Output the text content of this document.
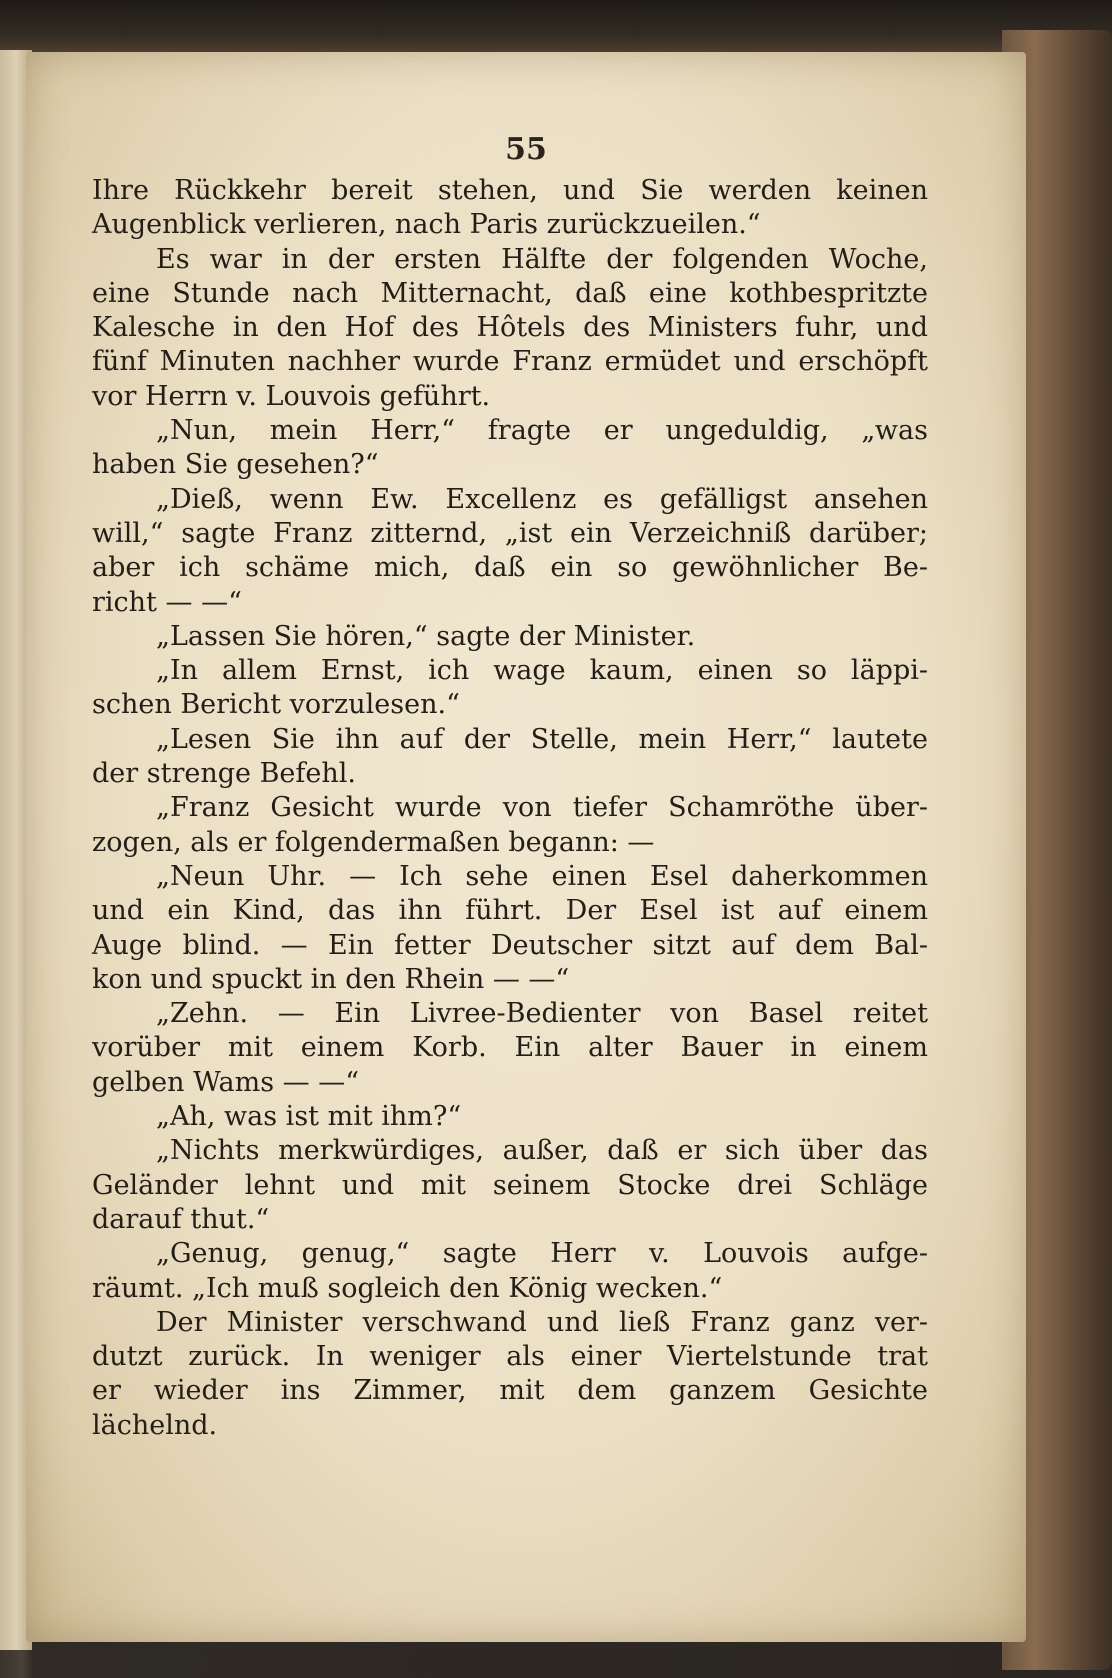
55

Ihre Rückkehr bereit stehen, und Sie werden keinen
Augenblick verlieren, nach Paris zurückzueilen.“
Es war in der ersten Hälfte der folgenden Woche,
eine Stunde nach Mitternacht, daß eine kothbespritzte
Kalesche in den Hof des Hôtels des Ministers fuhr, und
fünf Minuten nachher wurde Franz ermüdet und erschöpft
vor Herrn v. Louvois geführt.
„Nun, mein Herr,“ fragte er ungeduldig, „was
haben Sie gesehen?“
„Dieß, wenn Ew. Excellenz es gefälligst ansehen
will,“ sagte Franz zitternd, „ist ein Verzeichniß darüber;
aber ich schäme mich, daß ein so gewöhnlicher Be-
richt — —“
„Lassen Sie hören,“ sagte der Minister.
„In allem Ernst, ich wage kaum, einen so läppi-
schen Bericht vorzulesen.“
„Lesen Sie ihn auf der Stelle, mein Herr,“ lautete
der strenge Befehl.
„Franz Gesicht wurde von tiefer Schamröthe über-
zogen, als er folgendermaßen begann: —
„Neun Uhr. — Ich sehe einen Esel daherkommen
und ein Kind, das ihn führt. Der Esel ist auf einem
Auge blind. — Ein fetter Deutscher sitzt auf dem Bal-
kon und spuckt in den Rhein — —“
„Zehn. — Ein Livree-Bedienter von Basel reitet
vorüber mit einem Korb. Ein alter Bauer in einem
gelben Wams — —“
„Ah, was ist mit ihm?“
„Nichts merkwürdiges, außer, daß er sich über das
Geländer lehnt und mit seinem Stocke drei Schläge
darauf thut.“
„Genug, genug,“ sagte Herr v. Louvois aufge-
räumt. „Ich muß sogleich den König wecken.“
Der Minister verschwand und ließ Franz ganz ver-
dutzt zurück. In weniger als einer Viertelstunde trat
er wieder ins Zimmer, mit dem ganzem Gesichte
lächelnd.
